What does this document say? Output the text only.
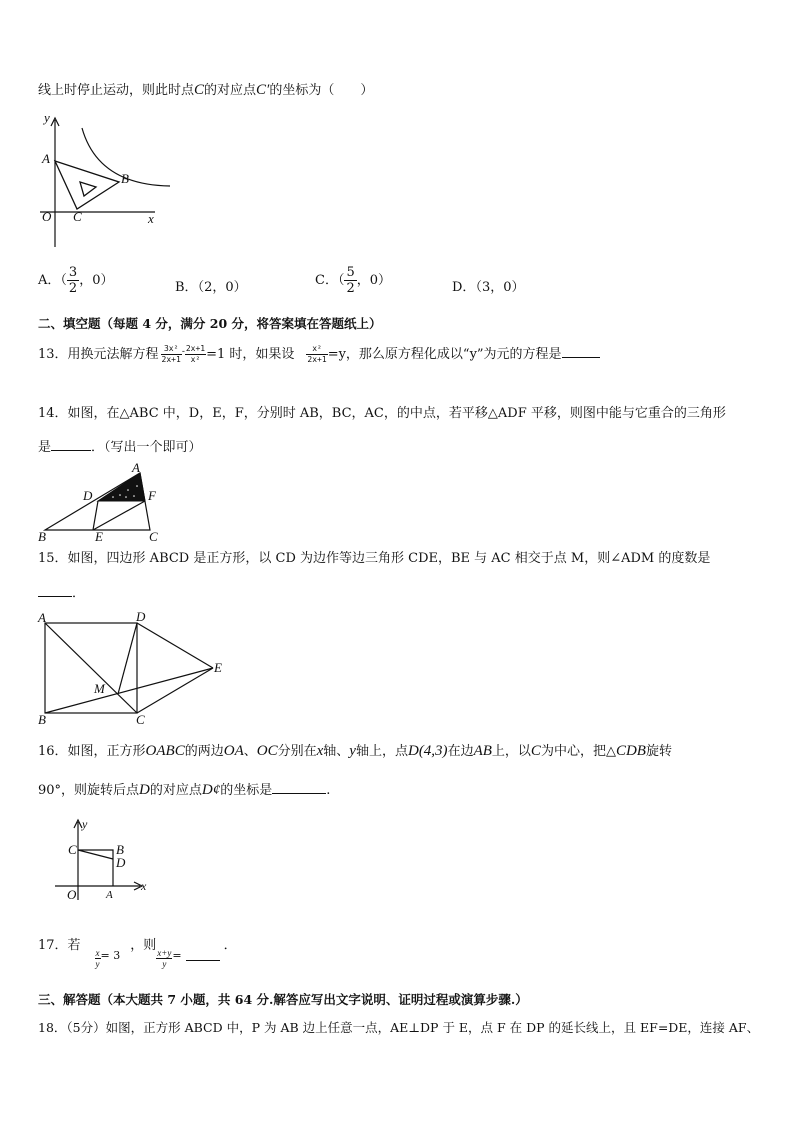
线上时停止运动，则此时点C的对应点C′的坐标为（　　）
y
A
B
O C	x
A．（ $\frac{3}{2}$ ，0）	B．（2，0）	C．（ $\frac{5}{2}$ ，0）	D．（3，0）
二、填空题（每题 4 分，满分 20 分，将答案填在答题纸上）
13．用换元法解方程 $\frac{\text{3x²}}{2x+1} ^- \frac{2x+1}{\text{x²}} =1$ 时，如果设 $\frac{\text{x²}}{2x+1} =y$，那么原方程化成以“y”为元的方程是
14．如图，在△ABC 中，D，E，F，分别时 AB，BC，AC，的中点，若平移△ADF 平移，则图中能与它重合的三角形
是	．（写出一个即可）
A
D	F
B	E	C
15．如图，四边形 ABCD 是正方形，以 CD 为边作等边三角形 CDE，BE 与 AC 相交于点 M，则∠ADM 的度数是
．
A	D
E
M
B	C
16．如图，正方形OABC的两边OA、OC分别在x轴、y轴上，点D(4,3)在边AB上，以C为中心，把△CDB旋转
90°，则旋转后点D的对应点D¢的坐标是	.
y
C	B
D
O	A
x
17．若
$\frac{x}{y} _{= 3}$，则
$\frac{x+y}{y} _=$．
三、解答题（本大题共 7 小题，共 64 分.解答应写出文字说明、证明过程或演算步骤.）
18．（5分）如图，正方形 ABCD 中，P 为 AB 边上任意一点，AE⊥DP 于 E，点 F 在 DP 的延长线上，且 EF=DE，连接 AF、
